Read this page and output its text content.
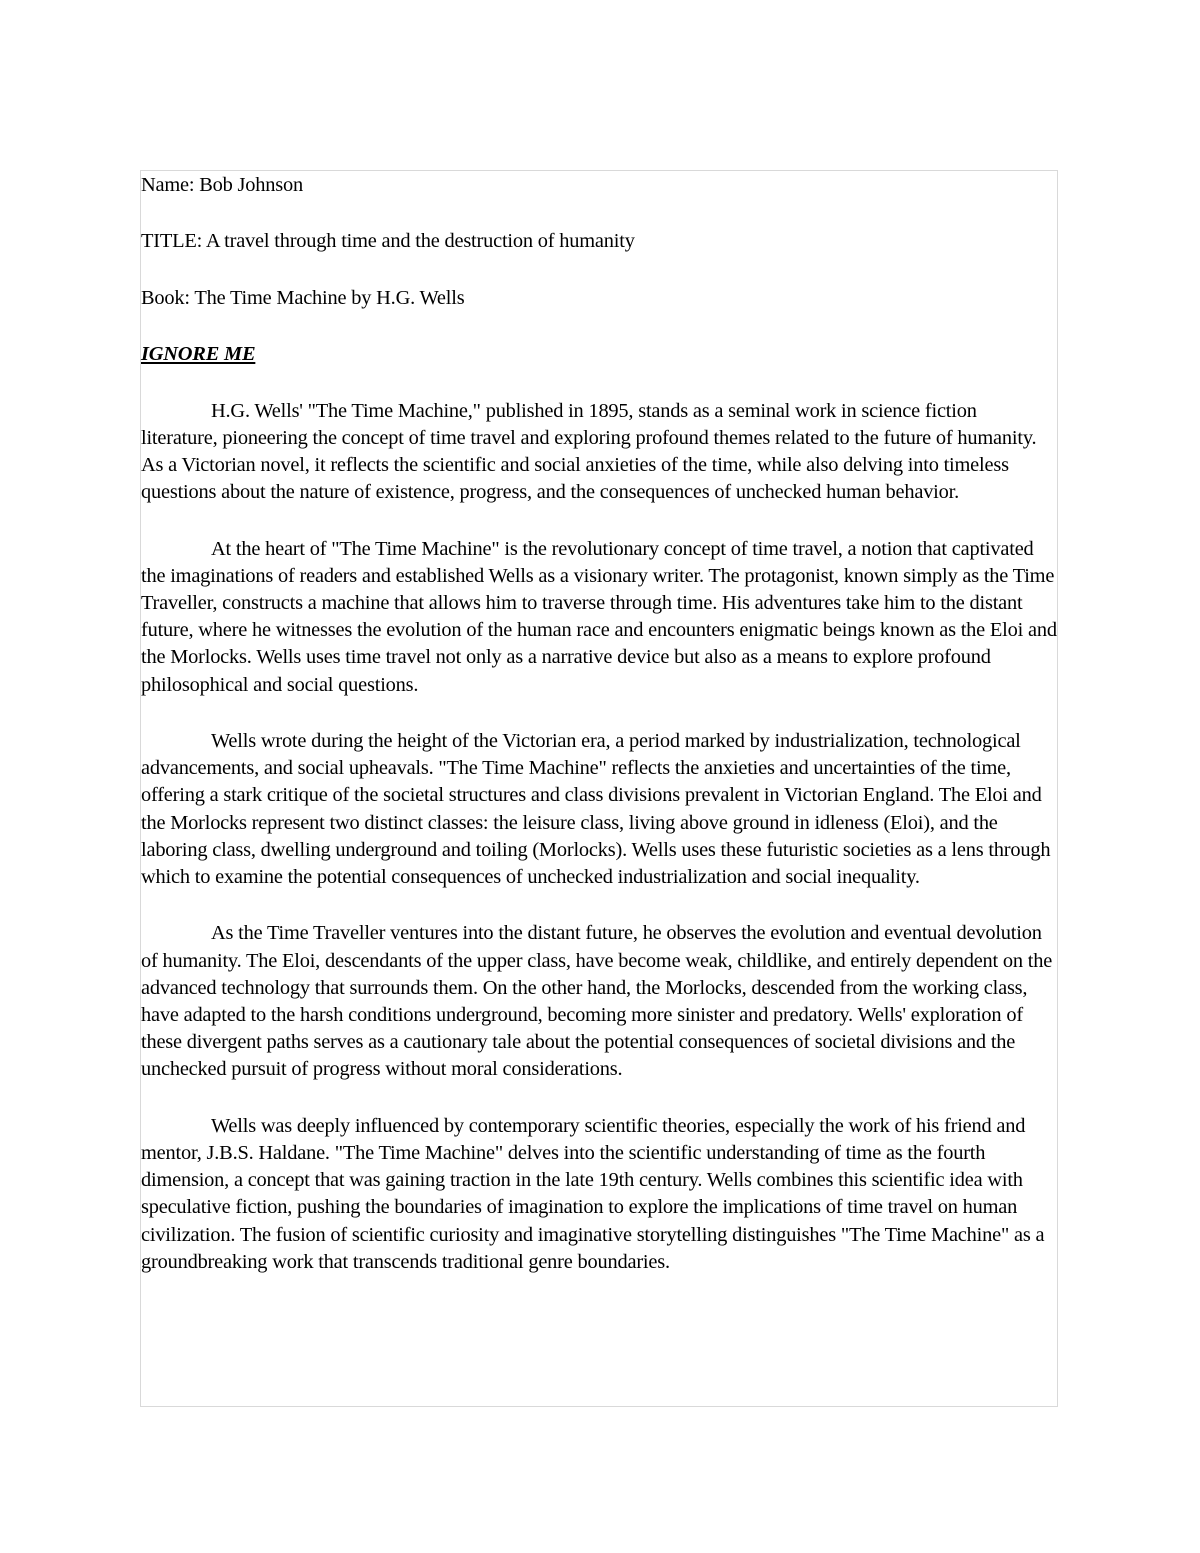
Name: Bob Johnson

TITLE: A travel through time and the destruction of humanity

Book: The Time Machine by H.G. Wells

IGNORE ME

H.G. Wells' "The Time Machine," published in 1895, stands as a seminal work in science fiction literature, pioneering the concept of time travel and exploring profound themes related to the future of humanity. As a Victorian novel, it reflects the scientific and social anxieties of the time, while also delving into timeless questions about the nature of existence, progress, and the consequences of unchecked human behavior.

At the heart of "The Time Machine" is the revolutionary concept of time travel, a notion that captivated the imaginations of readers and established Wells as a visionary writer. The protagonist, known simply as the Time Traveller, constructs a machine that allows him to traverse through time. His adventures take him to the distant future, where he witnesses the evolution of the human race and encounters enigmatic beings known as the Eloi and the Morlocks. Wells uses time travel not only as a narrative device but also as a means to explore profound philosophical and social questions.

Wells wrote during the height of the Victorian era, a period marked by industrialization, technological advancements, and social upheavals. "The Time Machine" reflects the anxieties and uncertainties of the time, offering a stark critique of the societal structures and class divisions prevalent in Victorian England. The Eloi and the Morlocks represent two distinct classes: the leisure class, living above ground in idleness (Eloi), and the laboring class, dwelling underground and toiling (Morlocks). Wells uses these futuristic societies as a lens through which to examine the potential consequences of unchecked industrialization and social inequality.

As the Time Traveller ventures into the distant future, he observes the evolution and eventual devolution of humanity. The Eloi, descendants of the upper class, have become weak, childlike, and entirely dependent on the advanced technology that surrounds them. On the other hand, the Morlocks, descended from the working class, have adapted to the harsh conditions underground, becoming more sinister and predatory. Wells' exploration of these divergent paths serves as a cautionary tale about the potential consequences of societal divisions and the unchecked pursuit of progress without moral considerations.

Wells was deeply influenced by contemporary scientific theories, especially the work of his friend and mentor, J.B.S. Haldane. "The Time Machine" delves into the scientific understanding of time as the fourth dimension, a concept that was gaining traction in the late 19th century. Wells combines this scientific idea with speculative fiction, pushing the boundaries of imagination to explore the implications of time travel on human civilization. The fusion of scientific curiosity and imaginative storytelling distinguishes "The Time Machine" as a groundbreaking work that transcends traditional genre boundaries.
